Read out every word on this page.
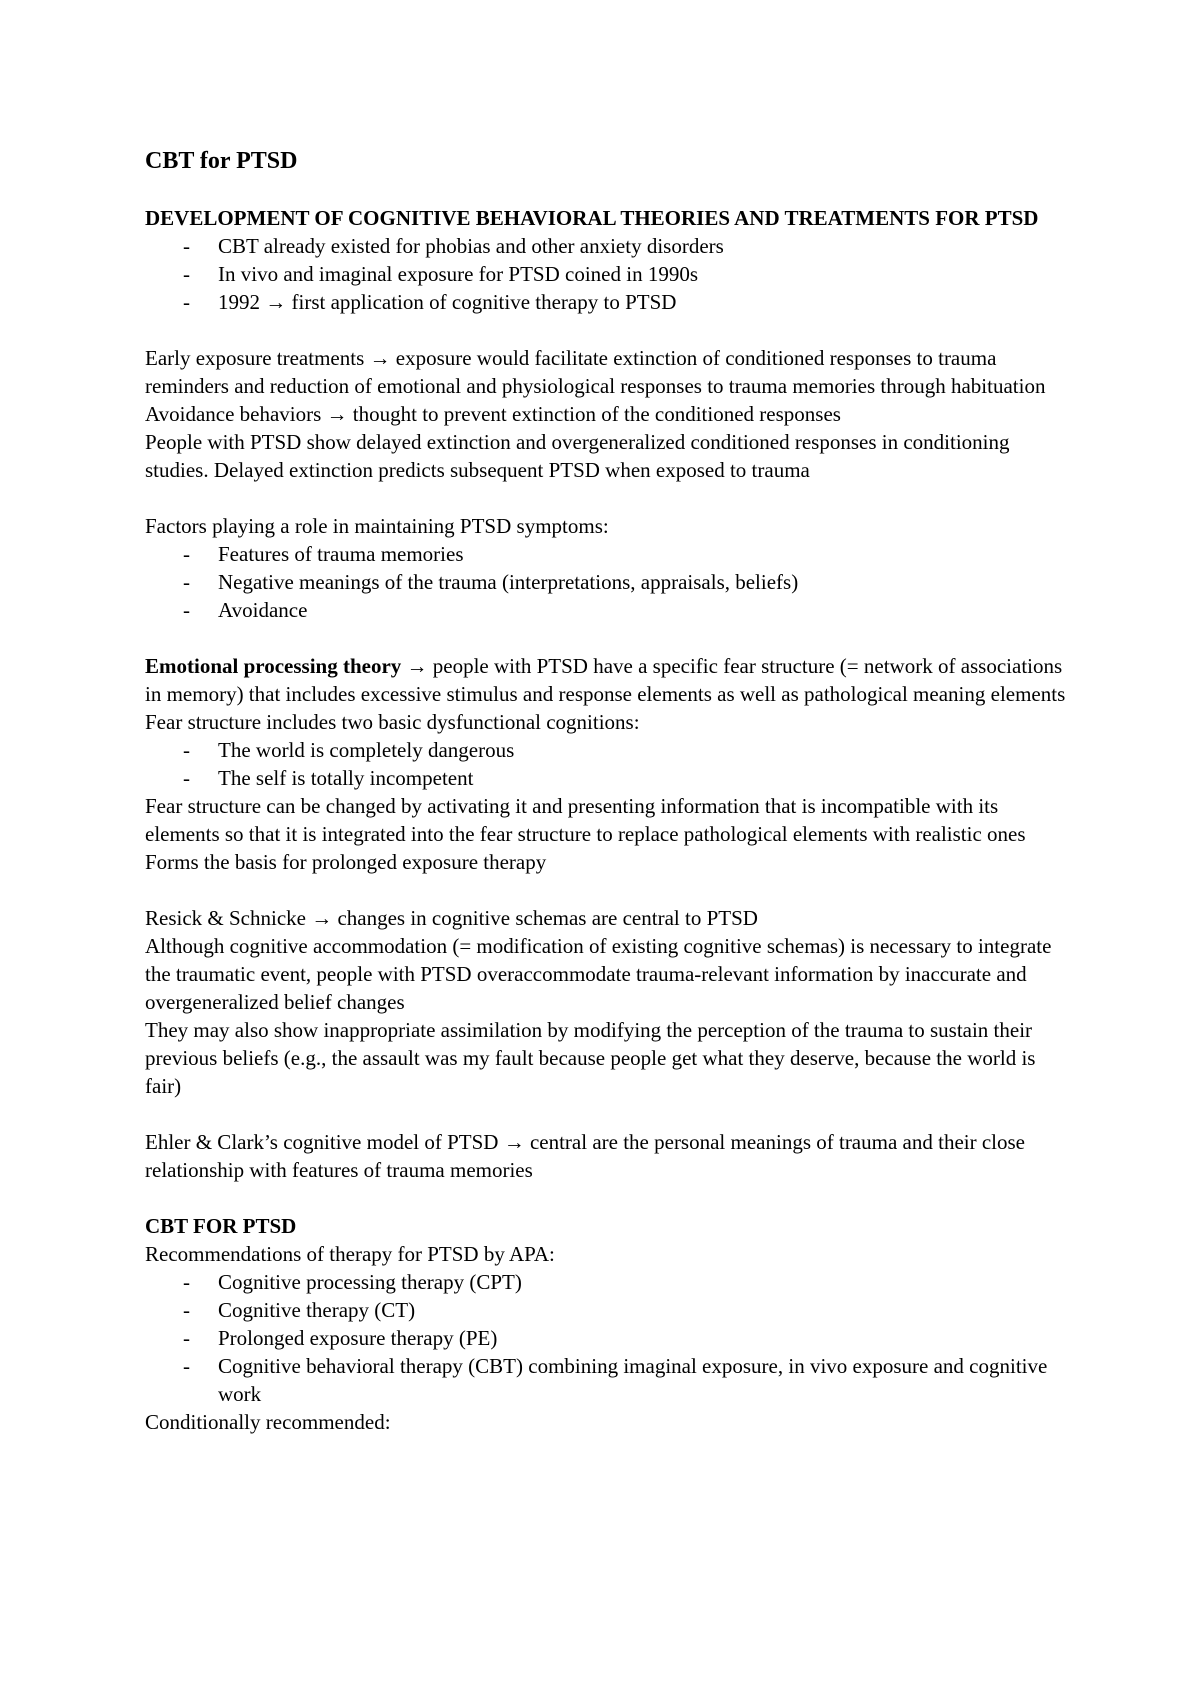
CBT for PTSD

DEVELOPMENT OF COGNITIVE BEHAVIORAL THEORIES AND TREATMENTS FOR PTSD

- CBT already existed for phobias and other anxiety disorders
- In vivo and imaginal exposure for PTSD coined in 1990s
- 1992 → first application of cognitive therapy to PTSD

Early exposure treatments → exposure would facilitate extinction of conditioned responses to trauma reminders and reduction of emotional and physiological responses to trauma memories through habituation

Avoidance behaviors → thought to prevent extinction of the conditioned responses

People with PTSD show delayed extinction and overgeneralized conditioned responses in conditioning studies. Delayed extinction predicts subsequent PTSD when exposed to trauma

Factors playing a role in maintaining PTSD symptoms:

- Features of trauma memories
- Negative meanings of the trauma (interpretations, appraisals, beliefs)
- Avoidance

Emotional processing theory → people with PTSD have a specific fear structure (= network of associations in memory) that includes excessive stimulus and response elements as well as pathological meaning elements

Fear structure includes two basic dysfunctional cognitions:

- The world is completely dangerous
- The self is totally incompetent

Fear structure can be changed by activating it and presenting information that is incompatible with its elements so that it is integrated into the fear structure to replace pathological elements with realistic ones

Forms the basis for prolonged exposure therapy

Resick & Schnicke → changes in cognitive schemas are central to PTSD

Although cognitive accommodation (= modification of existing cognitive schemas) is necessary to integrate the traumatic event, people with PTSD overaccommodate trauma-relevant information by inaccurate and overgeneralized belief changes

They may also show inappropriate assimilation by modifying the perception of the trauma to sustain their previous beliefs (e.g., the assault was my fault because people get what they deserve, because the world is fair)

Ehler & Clark’s cognitive model of PTSD → central are the personal meanings of trauma and their close relationship with features of trauma memories

CBT FOR PTSD

Recommendations of therapy for PTSD by APA:

- Cognitive processing therapy (CPT)
- Cognitive therapy (CT)
- Prolonged exposure therapy (PE)
- Cognitive behavioral therapy (CBT) combining imaginal exposure, in vivo exposure and cognitive work

Conditionally recommended:
